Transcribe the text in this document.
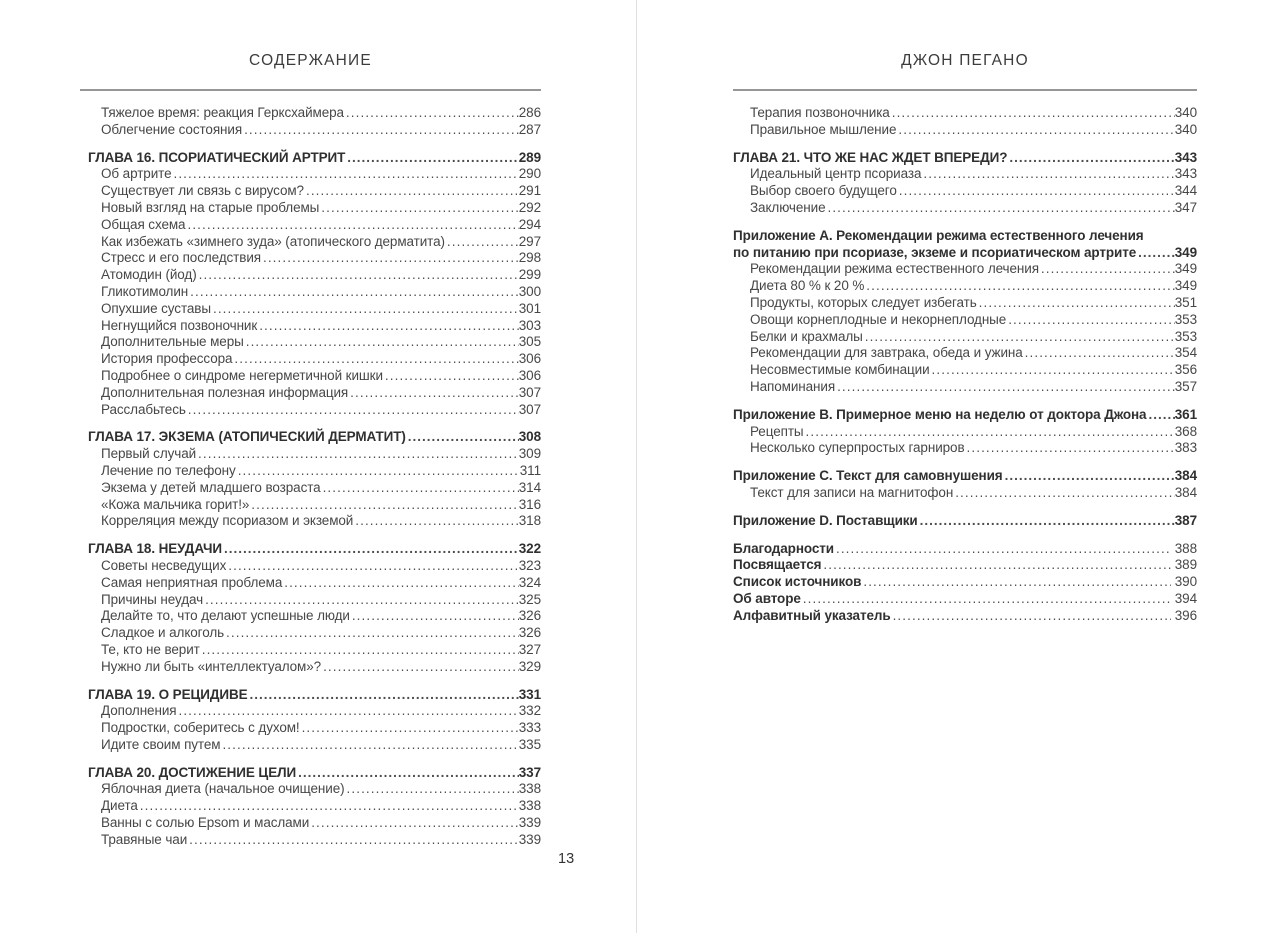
СОДЕРЖАНИЕ
Тяжелое время: реакция Герксхаймера .....	286
Облегчение состояния .....	287
ГЛАВА 16. ПСОРИАТИЧЕСКИЙ АРТРИТ .....	289
Об артрите .....	290
Существует ли связь с вирусом? .....	291
Новый взгляд на старые проблемы .....	292
Общая схема .....	294
Как избежать «зимнего зуда» (атопического дерматита) .....	297
Стресс и его последствия .....	298
Атомодин (йод) .....	299
Гликотимолин .....	300
Опухшие суставы .....	301
Негнущийся позвоночник .....	303
Дополнительные меры .....	305
История профессора .....	306
Подробнее о синдроме негерметичной кишки .....	306
Дополнительная полезная информация .....	307
Расслабьтесь .....	307
ГЛАВА 17. ЭКЗЕМА (АТОПИЧЕСКИЙ ДЕРМАТИТ) .....	308
Первый случай .....	309
Лечение по телефону .....	311
Экзема у детей младшего возраста .....	314
«Кожа мальчика горит!» .....	316
Корреляция между псориазом и экземой .....	318
ГЛАВА 18. НЕУДАЧИ .....	322
Советы несведущих .....	323
Самая неприятная проблема .....	324
Причины неудач .....	325
Делайте то, что делают успешные люди .....	326
Сладкое и алкоголь .....	326
Те, кто не верит .....	327
Нужно ли быть «интеллектуалом»? .....	329
ГЛАВА 19. О РЕЦИДИВЕ .....	331
Дополнения .....	332
Подростки, соберитесь с духом! .....	333
Идите своим путем .....	335
ГЛАВА 20. ДОСТИЖЕНИЕ ЦЕЛИ .....	337
Яблочная диета (начальное очищение) .....	338
Диета .....	338
Ванны с солью Epsom и маслами .....	339
Травяные чаи .....	339
ДЖОН ПЕГАНО
Терапия позвоночника .....	340
Правильное мышление .....	340
ГЛАВА 21. ЧТО ЖЕ НАС ЖДЕТ ВПЕРЕДИ? .....	343
Идеальный центр псориаза .....	343
Выбор своего будущего .....	344
Заключение .....	347
Приложение A. Рекомендации режима естественного лечения
по питанию при псориазе, экземе и псориатическом артрите .....	349
Рекомендации режима естественного лечения .....	349
Диета 80 % к 20 % .....	349
Продукты, которых следует избегать .....	351
Овощи корнеплодные и некорнеплодные .....	353
Белки и крахмалы .....	353
Рекомендации для завтрака, обеда и ужина .....	354
Несовместимые комбинации .....	356
Напоминания .....	357
Приложение B. Примерное меню на неделю от доктора Джона ..... 361
Рецепты .....	368
Несколько суперпростых гарниров .....	383
Приложение C. Текст для самовнушения .....	384
Текст для записи на магнитофон .....	384
Приложение D. Поставщики .....	387
Благодарности .....	388
Посвящается .....	389
Список источников .....	390
Об авторе .....	394
Алфавитный указатель .....	396
13
